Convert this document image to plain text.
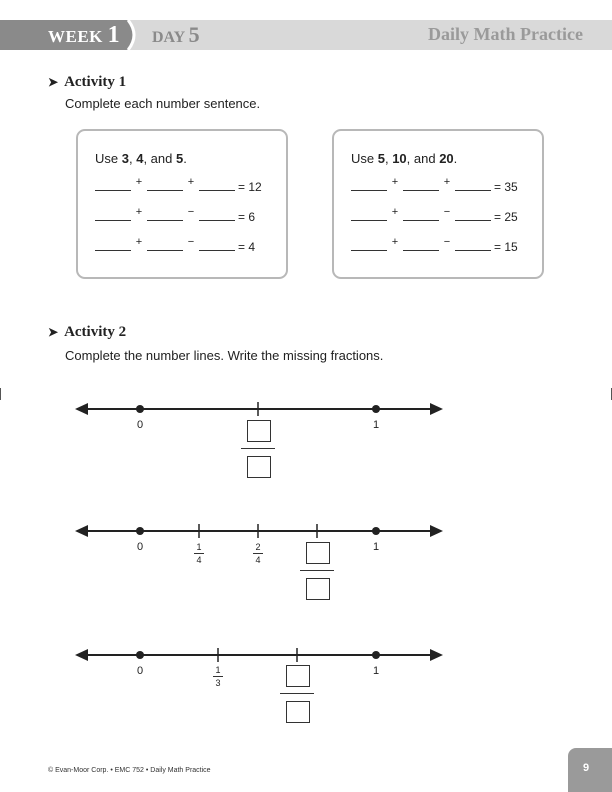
WEEK 1 DAY 5	Daily Math Practice
➤ Activity 1
Complete each number sentence.
Use 3, 4, and 5.
+	+	= 12
+	−	= 6
+	−	= 4
Use 5, 10, and 20.
+	+	= 35
+	−	= 25
+	−	= 15
➤ Activity 2
Complete the number lines. Write the missing fractions.
0	1
0	1
1
4
2
4
0	1
1
3
© Evan-Moor Corp. • EMC 752 • Daily Math Practice	9
